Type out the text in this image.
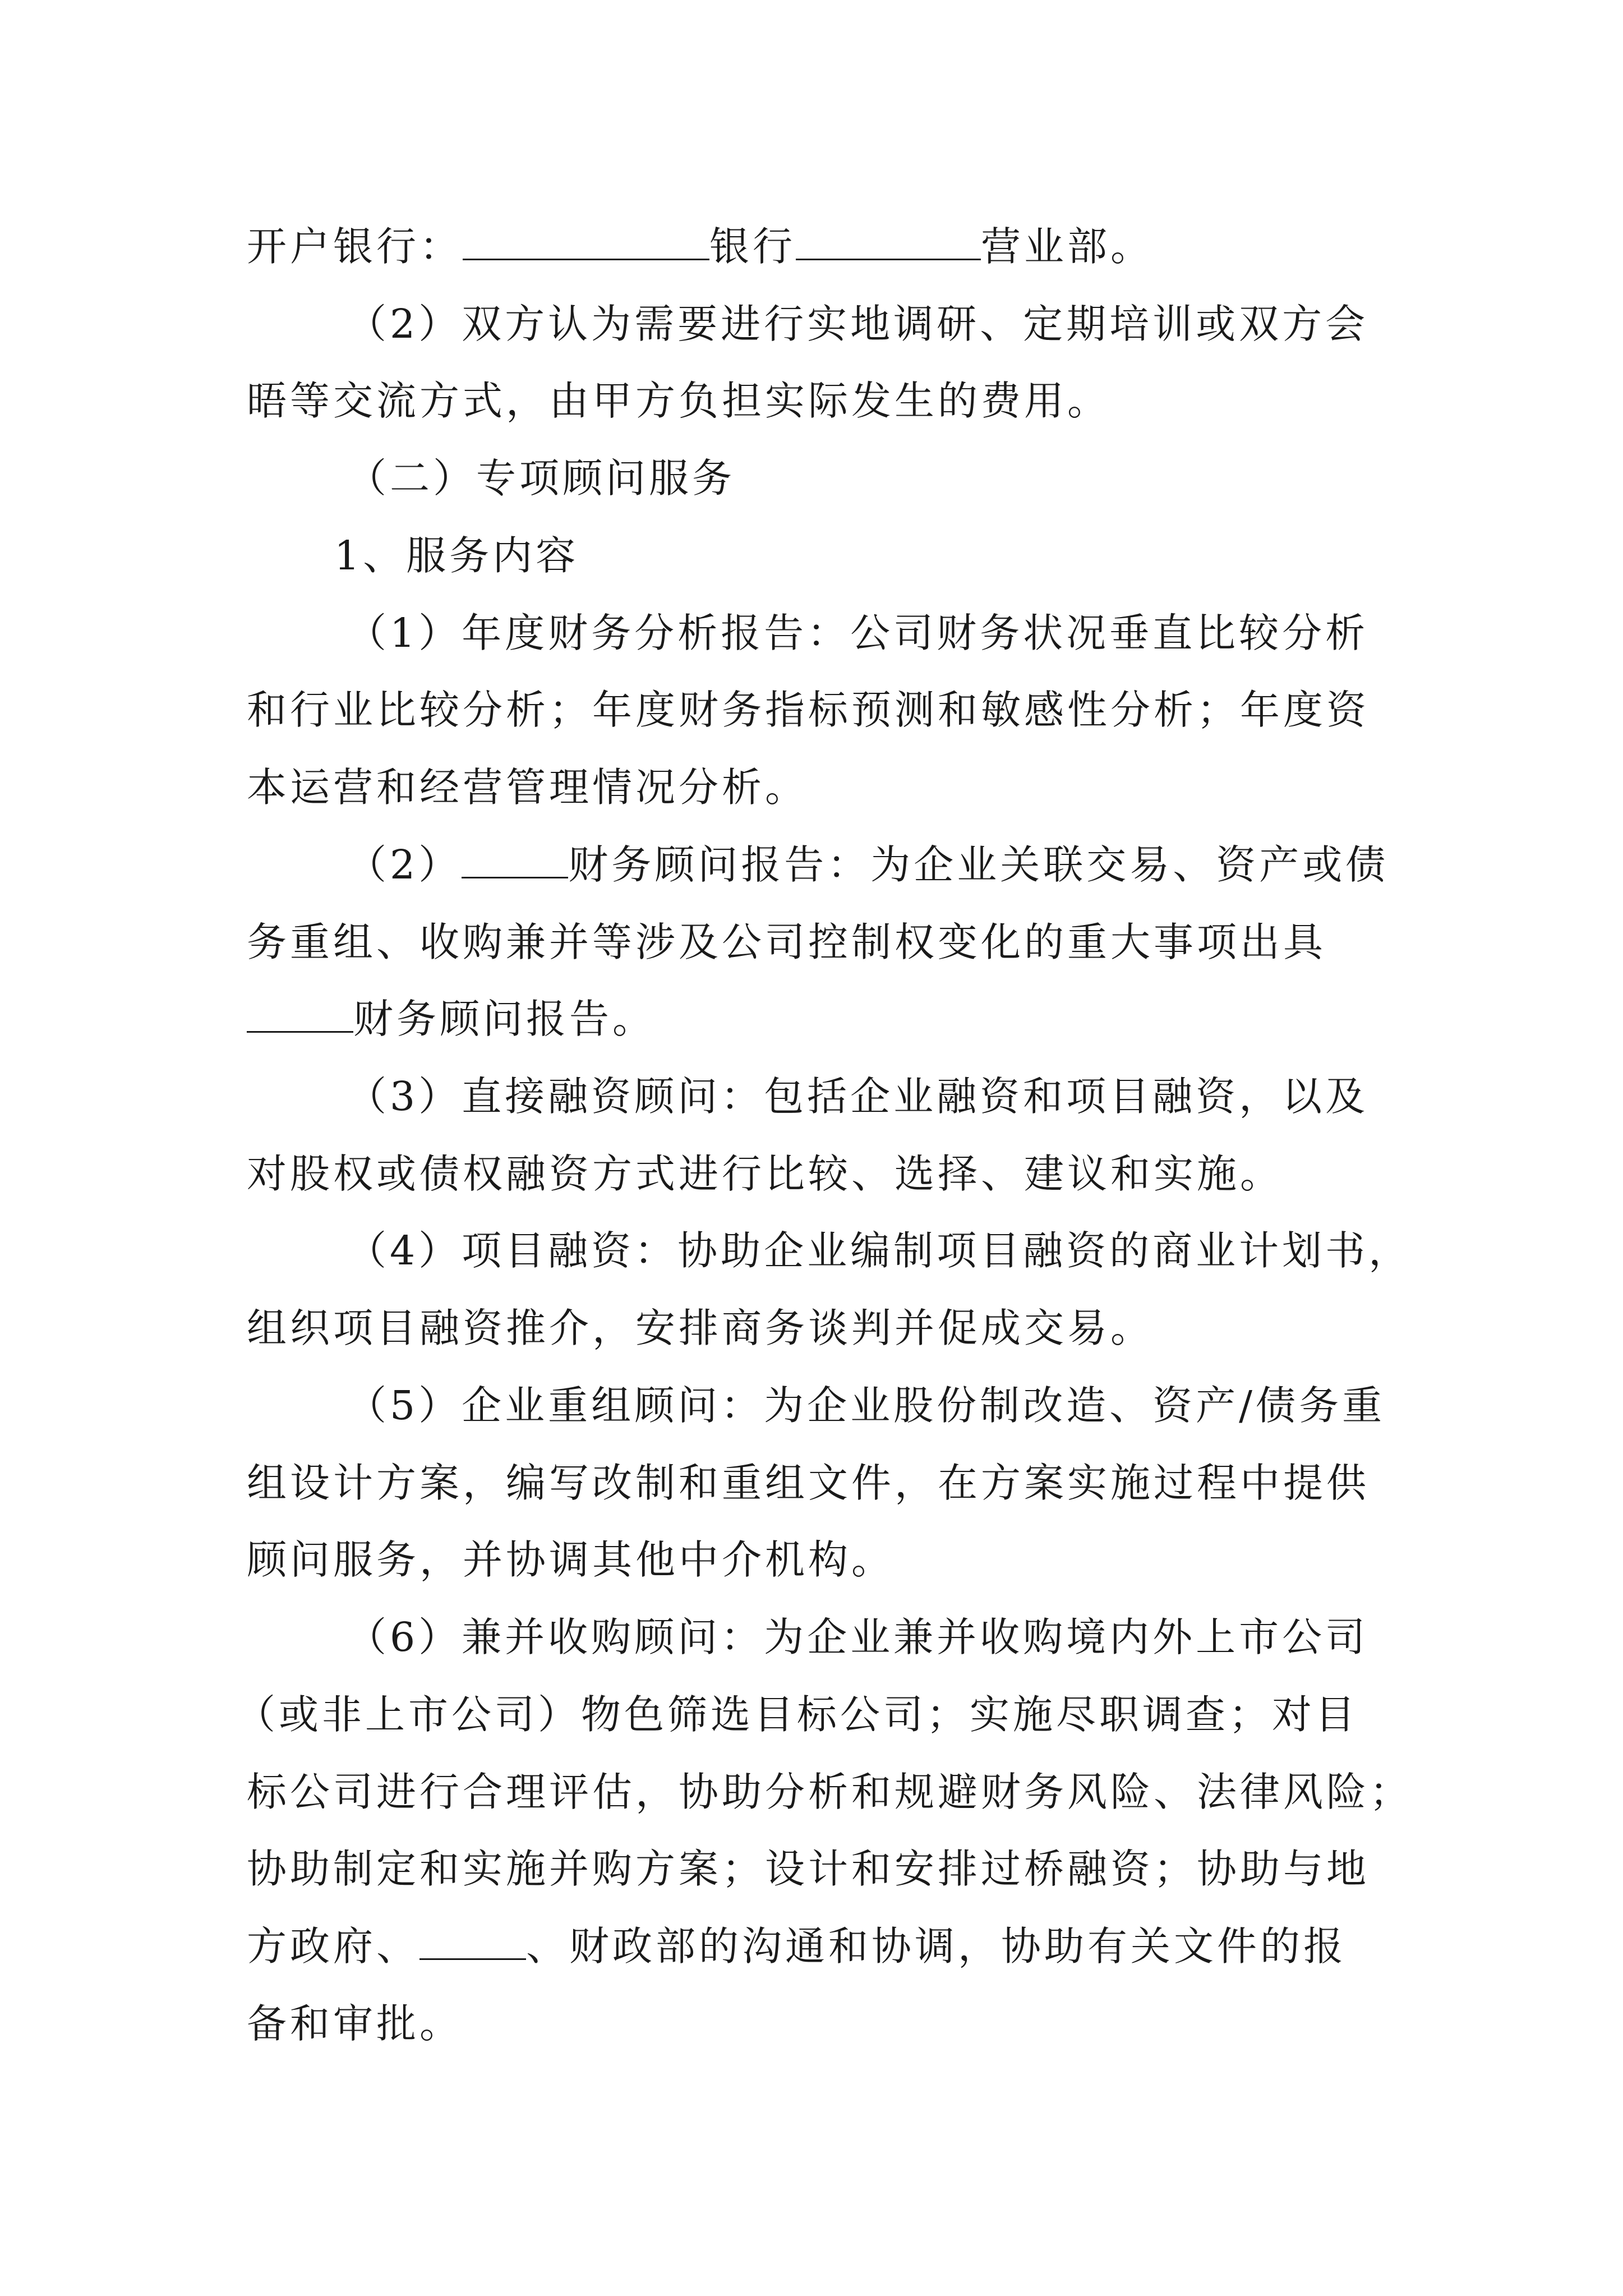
开户银行：	银行	营业部。
（2）双方认为需要进行实地调研、定期培训或双方会
晤等交流方式，由甲方负担实际发生的费用。
（二）专项顾问服务
1、服务内容
（1）年度财务分析报告：公司财务状况垂直比较分析
和行业比较分析；年度财务指标预测和敏感性分析；年度资
本运营和经营管理情况分析。
（2）	财务顾问报告：为企业关联交易、资产或债
务重组、收购兼并等涉及公司控制权变化的重大事项出具
财务顾问报告。
（3）直接融资顾问：包括企业融资和项目融资，以及
对股权或债权融资方式进行比较、选择、建议和实施。
（4）项目融资：协助企业编制项目融资的商业计划书，
组织项目融资推介，安排商务谈判并促成交易。
（5）企业重组顾问：为企业股份制改造、资产/债务重
组设计方案，编写改制和重组文件，在方案实施过程中提供
顾问服务，并协调其他中介机构。
（6）兼并收购顾问：为企业兼并收购境内外上市公司
（或非上市公司）物色筛选目标公司；实施尽职调查；对目
标公司进行合理评估，协助分析和规避财务风险、法律风险；
协助制定和实施并购方案；设计和安排过桥融资；协助与地
方政府、	、财政部的沟通和协调，协助有关文件的报
备和审批。
